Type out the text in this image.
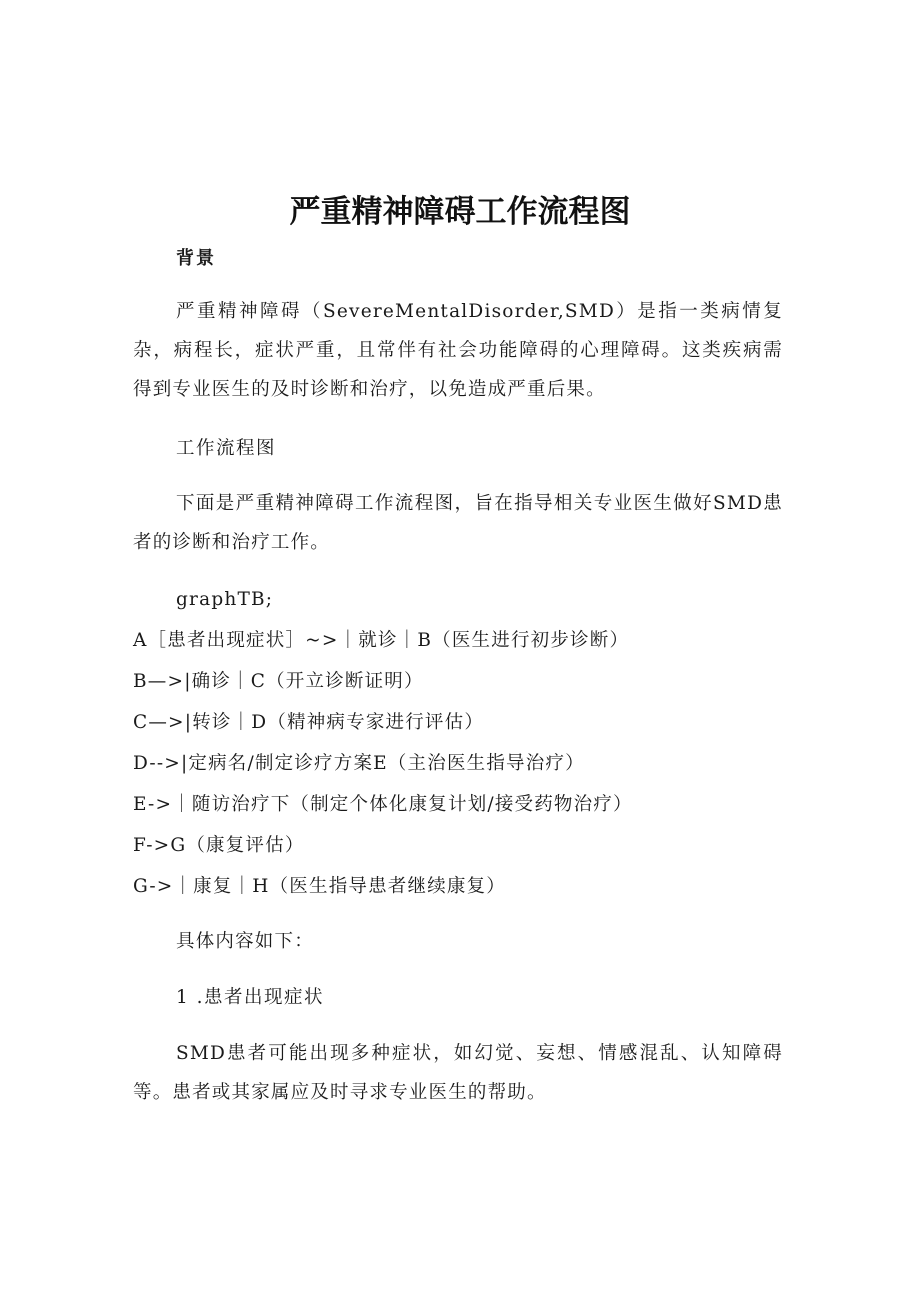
严重精神障碍工作流程图
背景

严重精神障碍（SevereMentalDisorder,SMD）是指一类病情复杂，病程长，症状严重，且常伴有社会功能障碍的心理障碍。这类疾病需得到专业医生的及时诊断和治疗，以免造成严重后果。

工作流程图

下面是严重精神障碍工作流程图，旨在指导相关专业医生做好SMD患者的诊断和治疗工作。

graphTB;
A［患者出现症状］~>｜就诊｜B（医生进行初步诊断）
B—>|确诊｜C（开立诊断证明）
C—>|转诊｜D（精神病专家进行评估）
D-->|定病名/制定诊疗方案E（主治医生指导治疗）
E->｜随访治疗下（制定个体化康复计划/接受药物治疗）
F->G（康复评估）
G->｜康复｜H（医生指导患者继续康复）
具体内容如下：
1 .患者出现症状

SMD患者可能出现多种症状，如幻觉、妄想、情感混乱、认知障碍等。患者或其家属应及时寻求专业医生的帮助。
